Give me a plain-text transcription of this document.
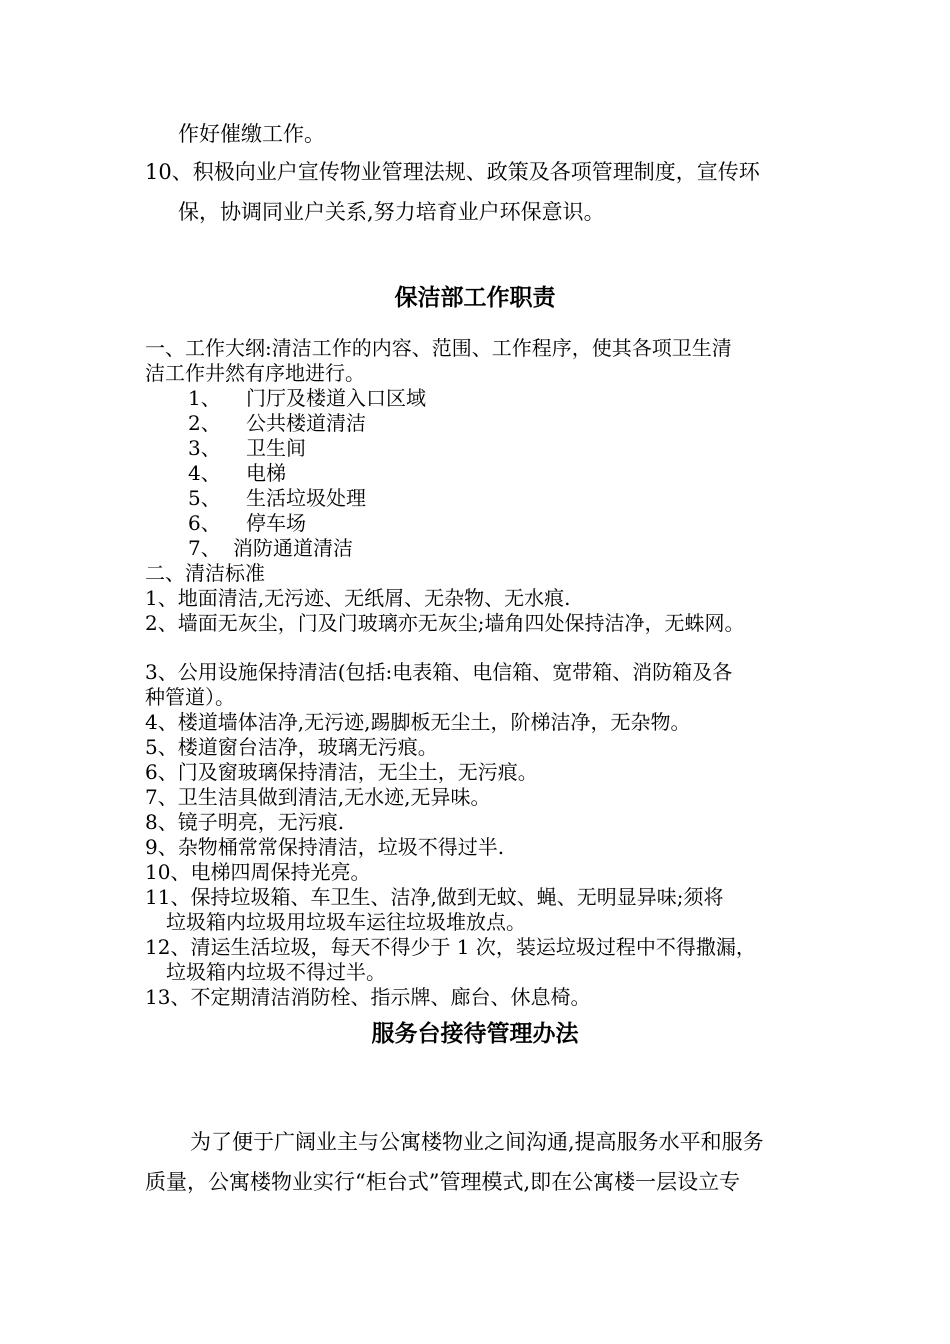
作好催缴工作。
10、积极向业户宣传物业管理法规、政策及各项管理制度，宣传环
保，协调同业户关系,努力培育业户环保意识。
保洁部工作职责
一、工作大纲:清洁工作的内容、范围、工作程序，使其各项卫生清
洁工作井然有序地进行。
1、 门厅及楼道入口区域
2、 公共楼道清洁
3、 卫生间
4、 电梯
5、 生活垃圾处理
6、 停车场
7、 消防通道清洁
二、清洁标准
1、地面清洁,无污迹、无纸屑、无杂物、无水痕.
2、墙面无灰尘，门及门玻璃亦无灰尘;墙角四处保持洁净，无蛛网。
3、公用设施保持清洁(包括:电表箱、电信箱、宽带箱、消防箱及各
种管道）。
4、楼道墙体洁净,无污迹,踢脚板无尘土，阶梯洁净，无杂物。
5、楼道窗台洁净，玻璃无污痕。
6、门及窗玻璃保持清洁，无尘土，无污痕。
7、卫生洁具做到清洁,无水迹,无异味。
8、镜子明亮，无污痕.
9、杂物桶常常保持清洁，垃圾不得过半.
10、电梯四周保持光亮。
11、保持垃圾箱、车卫生、洁净,做到无蚊、蝇、无明显异味;须将
垃圾箱内垃圾用垃圾车运往垃圾堆放点。
12、清运生活垃圾，每天不得少于 1 次，装运垃圾过程中不得撒漏，
垃圾箱内垃圾不得过半。
13、不定期清洁消防栓、指示牌、廊台、休息椅。
服务台接待管理办法
为了便于广阔业主与公寓楼物业之间沟通,提高服务水平和服务
质量，公寓楼物业实行“柜台式”管理模式,即在公寓楼一层设立专
